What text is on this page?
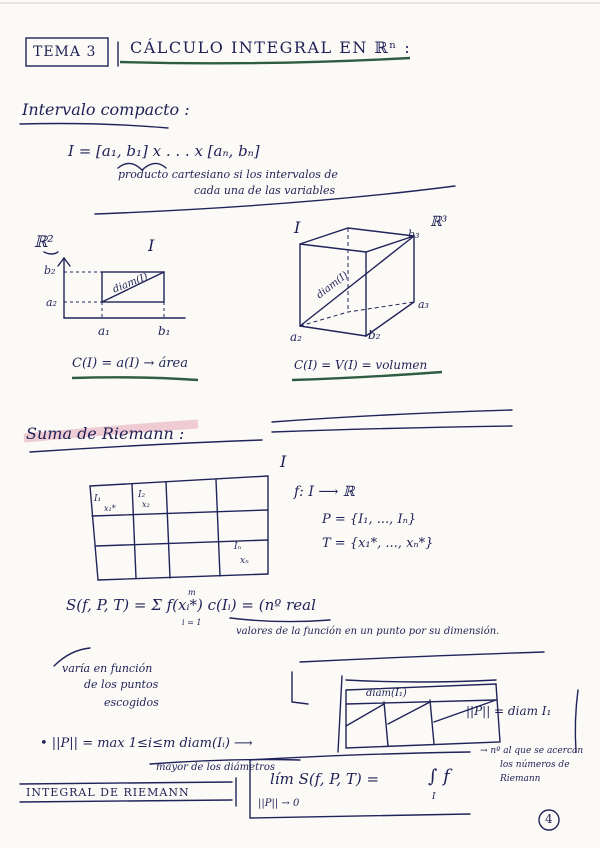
TEMA 3 CÁLCULO INTEGRAL EN ℝⁿ :
Intervalo compacto :
I = [a₁, b₁] x . . . x [aₙ, bₙ]
producto cartesiano si los intervalos de
cada una de las variables
ℝ²	I
diam(I)
b₂
a₂
a₁	b₁
C(I) = a(I) → área
I	ℝ³
diam(I)
b₃
a₃
a₂	b₂
C(I) = V(I) = volumen
Suma de Riemann :
I
I₁
x₁*
I₂
x₂
Iₙ
xₙ
f: I ⟶ ℝ
P = {I₁, ..., Iₙ}
T = {x₁*, ..., xₙ*}
S(f, P, T) = Σ f(xᵢ*) c(Iᵢ) = (nº real
i = 1
m
valores de la función en un punto por su dimensión.
varía en función
de los puntos
escogidos
diam(I₁)
||P|| = diam I₁
• ||P|| = max 1≤i≤m diam(Iᵢ) ⟶
mayor de los diámetros
INTEGRAL DE RIEMANN
lím S(f, P, T) =
||P|| → 0
∫ f
I
→ nº al que se acercan
los números de
Riemann
4
